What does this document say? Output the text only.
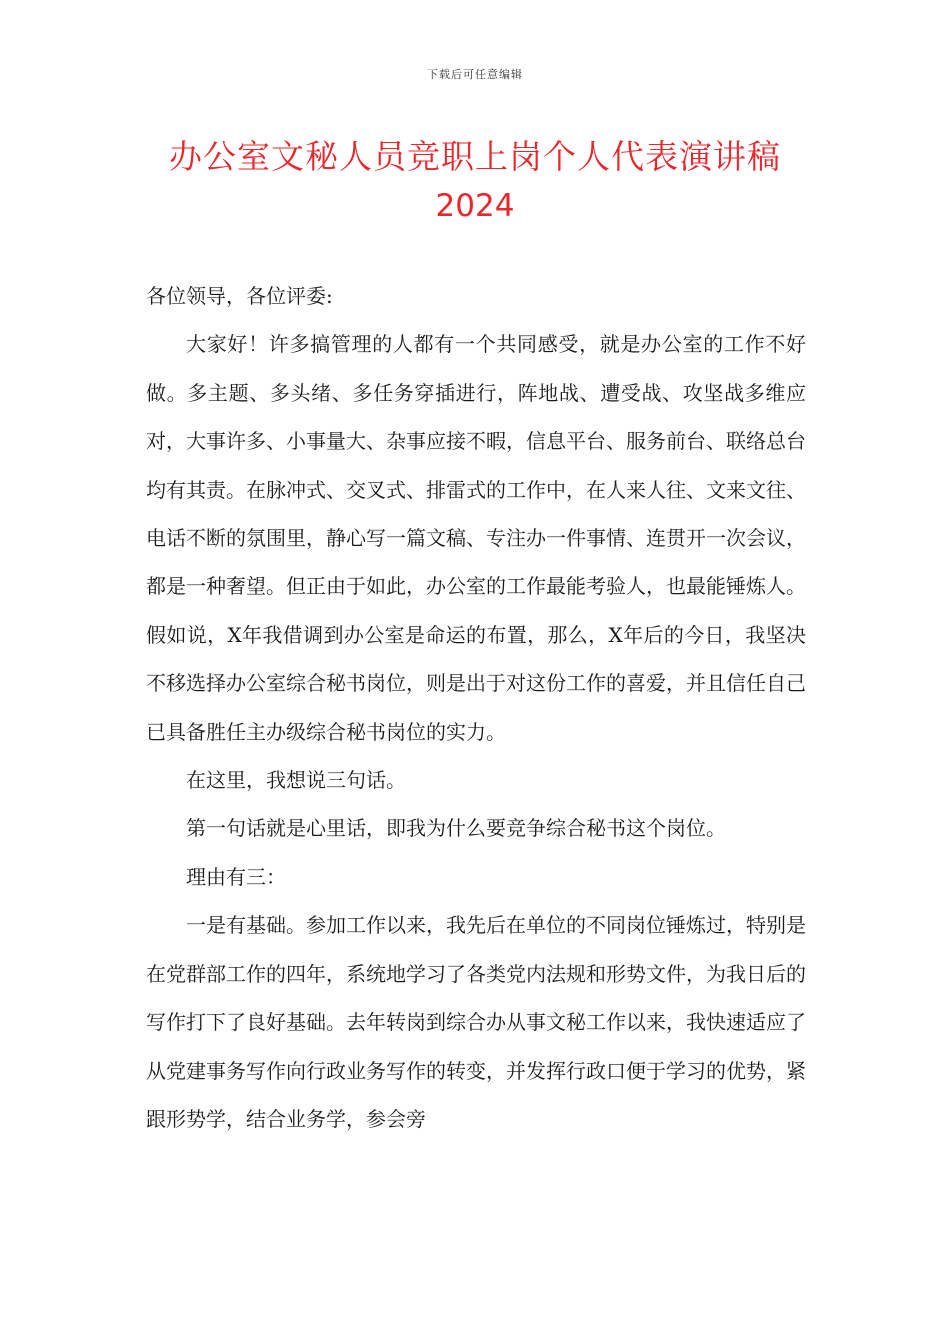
下载后可任意编辑
办公室文秘人员竞职上岗个人代表演讲稿
2024

各位领导，各位评委:

大家好！许多搞管理的人都有一个共同感受，就是办公室的工作不好做。多主题、多头绪、多任务穿插进行，阵地战、遭受战、攻坚战多维应对，大事许多、小事量大、杂事应接不暇，信息平台、服务前台、联络总台均有其责。在脉冲式、交叉式、排雷式的工作中，在人来人往、文来文往、电话不断的氛围里，静心写一篇文稿、专注办一件事情、连贯开一次会议，都是一种奢望。但正由于如此，办公室的工作最能考验人，也最能锤炼人。假如说，X年我借调到办公室是命运的布置，那么，X年后的今日，我坚决不移选择办公室综合秘书岗位，则是出于对这份工作的喜爱，并且信任自己已具备胜任主办级综合秘书岗位的实力。

在这里，我想说三句话。

第一句话就是心里话，即我为什么要竞争综合秘书这个岗位。

理由有三：

一是有基础。参加工作以来，我先后在单位的不同岗位锤炼过，特别是在党群部工作的四年，系统地学习了各类党内法规和形势文件，为我日后的写作打下了良好基础。去年转岗到综合办从事文秘工作以来，我快速适应了从党建事务写作向行政业务写作的转变，并发挥行政口便于学习的优势，紧跟形势学，结合业务学，参会旁
